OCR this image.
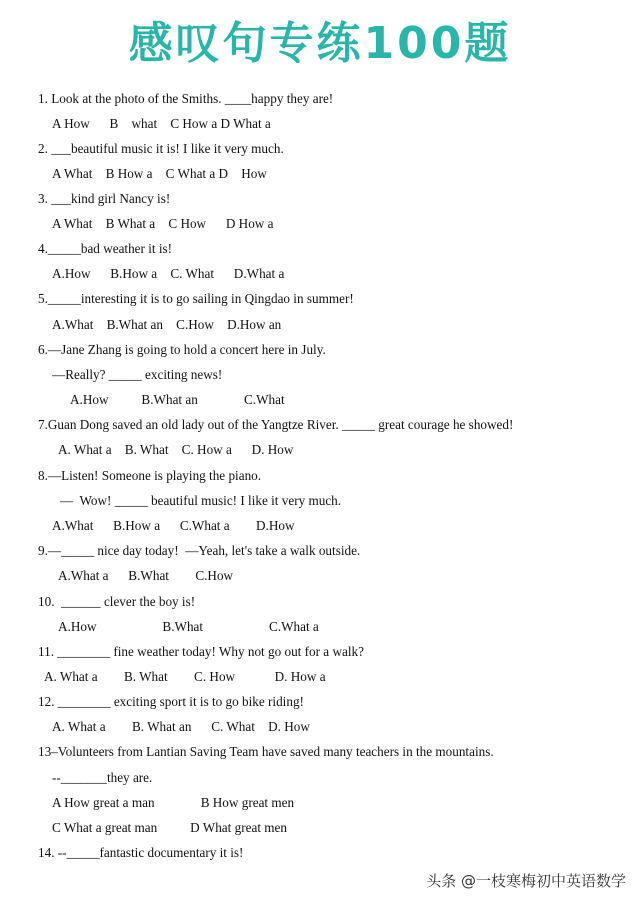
感叹句专练100题
1. Look at the photo of the Smiths. ____happy they are!
A How      B    what    C How a D What a
2. ___beautiful music it is! I like it very much.
A What    B How a    C What a D    How
3. ___kind girl Nancy is!
A What    B What a    C How      D How a
4._____bad weather it is!
A.How      B.How a    C. What      D.What a
5._____interesting it is to go sailing in Qingdao in summer!
A.What    B.What an    C.How    D.How an
6.—Jane Zhang is going to hold a concert here in July.
—Really? _____ exciting news!
A.How          B.What an              C.What
7.Guan Dong saved an old lady out of the Yangtze River. _____ great courage he showed!
A. What a    B. What    C. How a      D. How
8.—Listen! Someone is playing the piano.
—  Wow! _____ beautiful music! I like it very much.
A.What      B.How a      C.What a        D.How
9.—_____ nice day today!  —Yeah, let's take a walk outside.
A.What a      B.What        C.How
10.  ______ clever the boy is!
A.How                    B.What                    C.What a
11. ________ fine weather today! Why not go out for a walk?
A. What a        B. What        C. How            D. How a
12. ________ exciting sport it is to go bike riding!
A. What a        B. What an      C. What    D. How
13–Volunteers from Lantian Saving Team have saved many teachers in the mountains.
--_______they are.
A How great a man              B How great men
C What a great man          D What great men
14. --_____fantastic documentary it is!
头条 @一枝寒梅初中英语数学
